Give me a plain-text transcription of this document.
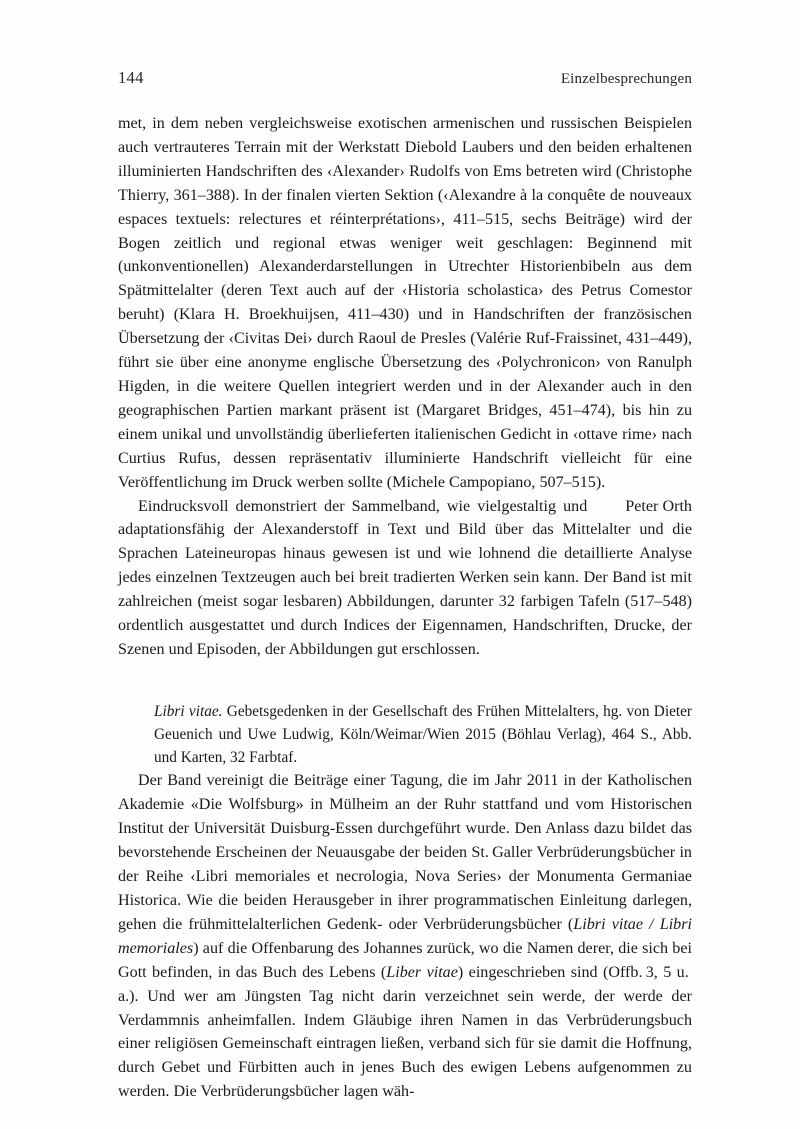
144	Einzelbesprechungen

met, in dem neben vergleichsweise exotischen armenischen und russischen Beispielen auch vertrauteres Terrain mit der Werkstatt Diebold Laubers und den beiden erhaltenen illuminierten Handschriften des ‹Alexander› Rudolfs von Ems betreten wird (Christophe Thierry, 361–388). In der finalen vierten Sektion (‹Alexandre à la conquête de nouveaux espaces textuels: relectures et réinterprétations›, 411–515, sechs Beiträge) wird der Bogen zeitlich und regional etwas weniger weit geschlagen: Beginnend mit (unkonventionellen) Alexanderdarstellungen in Utrechter Historienbibeln aus dem Spätmittelalter (deren Text auch auf der ‹Historia scholastica› des Petrus Comestor beruht) (Klara H. Broekhuijsen, 411–430) und in Handschriften der französischen Übersetzung der ‹Civitas Dei› durch Raoul de Presles (Valérie Ruf-Fraissinet, 431–449), führt sie über eine anonyme englische Übersetzung des ‹Polychronicon› von Ranulph Higden, in die weitere Quellen integriert werden und in der Alexander auch in den geographischen Partien markant präsent ist (Margaret Bridges, 451–474), bis hin zu einem unikal und unvollständig überlieferten italienischen Gedicht in ‹ottave rime› nach Curtius Rufus, dessen repräsentativ illuminierte Handschrift vielleicht für eine Veröffentlichung im Druck werben sollte (Michele Campopiano, 507–515).

Peter Orth
Eindrucksvoll demonstriert der Sammelband, wie vielgestaltig und adaptationsfähig der Alexanderstoff in Text und Bild über das Mittelalter und die Sprachen Lateineuropas hinaus gewesen ist und wie lohnend die detaillierte Analyse jedes einzelnen Textzeugen auch bei breit tradierten Werken sein kann. Der Band ist mit zahlreichen (meist sogar lesbaren) Abbildungen, darunter 32 farbigen Tafeln (517–548) ordentlich ausgestattet und durch Indices der Eigennamen, Handschriften, Drucke, der Szenen und Episoden, der Abbildungen gut erschlossen.

Libri vitae. Gebetsgedenken in der Gesellschaft des Frühen Mittelalters, hg. von Dieter Geuenich und Uwe Ludwig, Köln/Weimar/Wien 2015 (Böhlau Verlag), 464 S., Abb. und Karten, 32 Farbtaf.

Der Band vereinigt die Beiträge einer Tagung, die im Jahr 2011 in der Katholischen Akademie «Die Wolfsburg» in Mülheim an der Ruhr stattfand und vom Historischen Institut der Universität Duisburg-Essen durchgeführt wurde. Den Anlass dazu bildet das bevorstehende Erscheinen der Neuausgabe der beiden St. Galler Verbrüderungsbücher in der Reihe ‹Libri memoriales et necrologia, Nova Series› der Monumenta Germaniae Historica. Wie die beiden Herausgeber in ihrer programmatischen Einleitung darlegen, gehen die frühmittelalterlichen Gedenk- oder Verbrüderungsbücher (Libri vitae / Libri memoriales) auf die Offenbarung des Johannes zurück, wo die Namen derer, die sich bei Gott befinden, in das Buch des Lebens (Liber vitae) eingeschrieben sind (Offb. 3, 5 u. a.). Und wer am Jüngsten Tag nicht darin verzeichnet sein werde, der werde der Verdammnis anheimfallen. Indem Gläubige ihren Namen in das Verbrüderungsbuch einer religiösen Gemeinschaft eintragen ließen, verband sich für sie damit die Hoffnung, durch Gebet und Fürbitten auch in jenes Buch des ewigen Lebens aufgenommen zu werden. Die Verbrüderungsbücher lagen wäh-
